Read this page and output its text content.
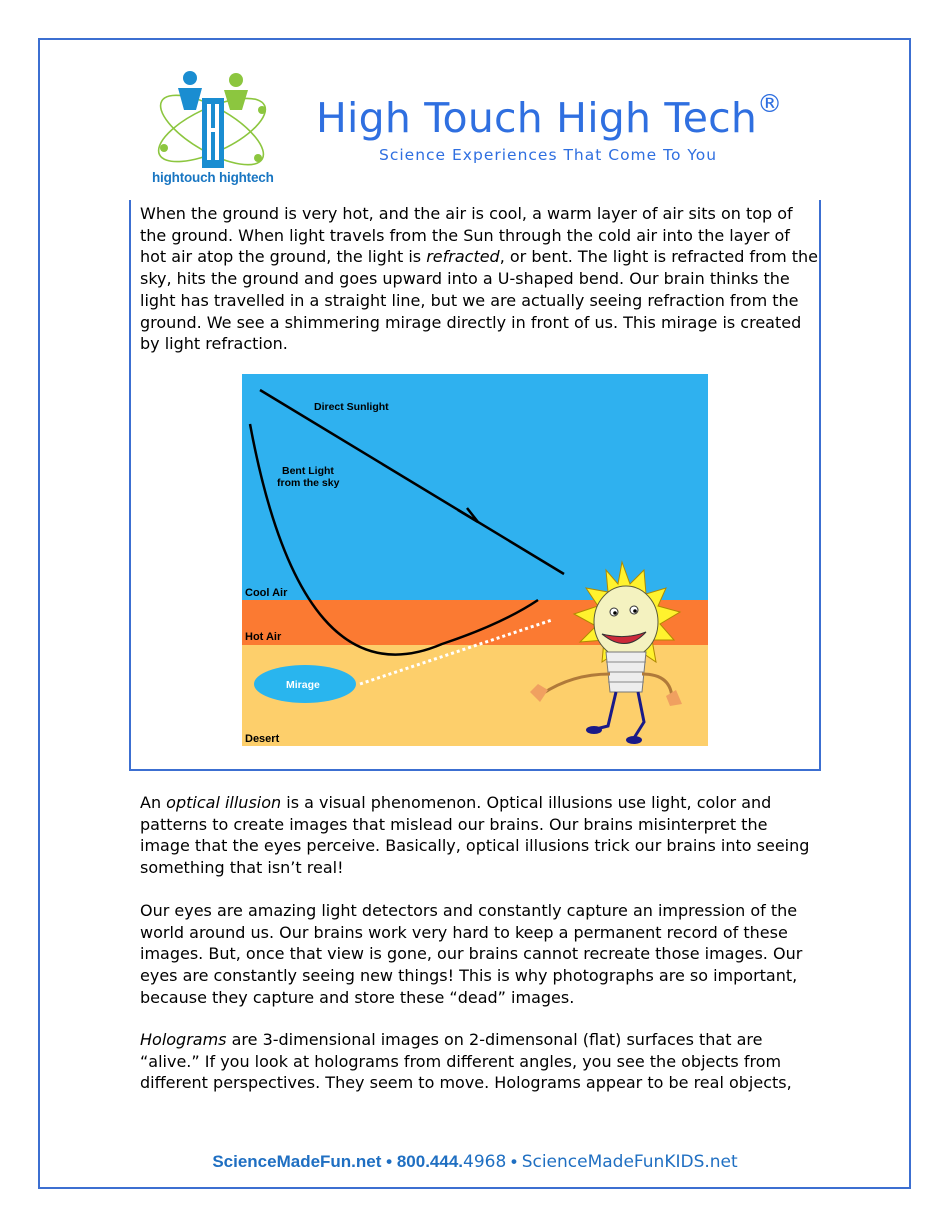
hightouch hightech
High Touch High Tech®
Science Experiences That Come To You

When the ground is very hot, and the air is cool, a warm layer of air sits on top of the ground. When light travels from the Sun through the cold air into the layer of hot air atop the ground, the light is refracted, or bent. The light is refracted from the sky, hits the ground and goes upward into a U-shaped bend. Our brain thinks the light has travelled in a straight line, but we are actually seeing refraction from the ground. We see a shimmering mirage directly in front of us. This mirage is created by light refraction.

Direct Sunlight
Bent Light
from the sky
Cool Air
Hot Air
Mirage
Desert

An optical illusion is a visual phenomenon. Optical illusions use light, color and patterns to create images that mislead our brains. Our brains misinterpret the image that the eyes perceive. Basically, optical illusions trick our brains into seeing something that isn’t real!

Our eyes are amazing light detectors and constantly capture an impression of the world around us. Our brains work very hard to keep a permanent record of these images. But, once that view is gone, our brains cannot recreate those images. Our eyes are constantly seeing new things! This is why photographs are so important, because they capture and store these “dead” images.

Holograms are 3-dimensional images on 2-dimensonal (flat) surfaces that are “alive.” If you look at holograms from different angles, you see the objects from different perspectives. They seem to move. Holograms appear to be real objects,

ScienceMadeFun.net • 800.444.4968 • ScienceMadeFunKIDS.net
